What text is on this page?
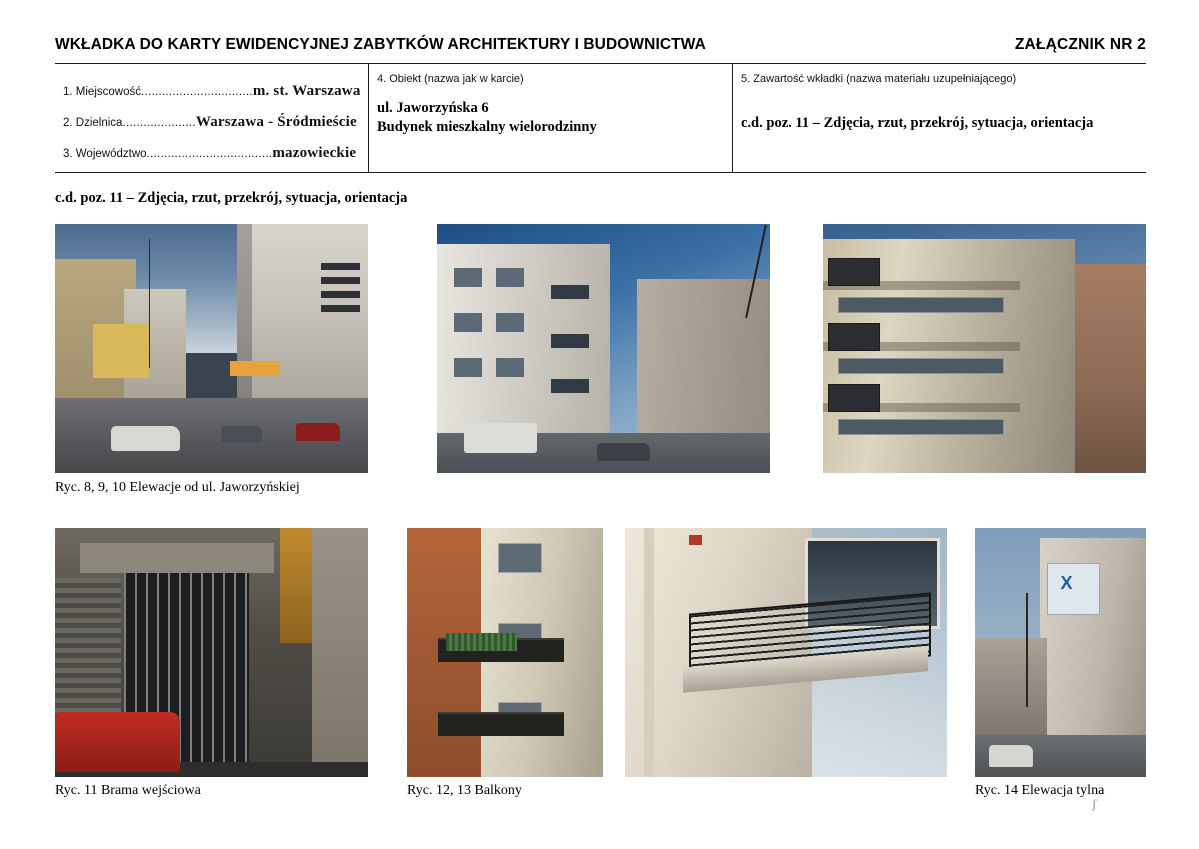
WKŁADKA DO KARTY EWIDENCYJNEJ ZABYTKÓW ARCHITEKTURY I BUDOWNICTWA	ZAŁĄCZNIK NR 2
1. Miejscowość................................m. st. Warszawa
2. Dzielnica.....................Warszawa - Śródmieście
3. Województwo....................................mazowieckie
4. Obiekt (nazwa jak w karcie)
ul. Jaworzyńska 6
Budynek mieszkalny wielorodzinny
5. Zawartość wkładki (nazwa materiału uzupełniającego)
c.d. poz. 11 – Zdjęcia, rzut, przekrój, sytuacja, orientacja
c.d. poz. 11 – Zdjęcia, rzut, przekrój, sytuacja, orientacja
Ryc. 8, 9, 10 Elewacje od ul. Jaworzyńskiej
X
Ryc. 11 Brama wejściowa	Ryc. 12, 13 Balkony	Ryc. 14 Elewacja tylna
ʃ
